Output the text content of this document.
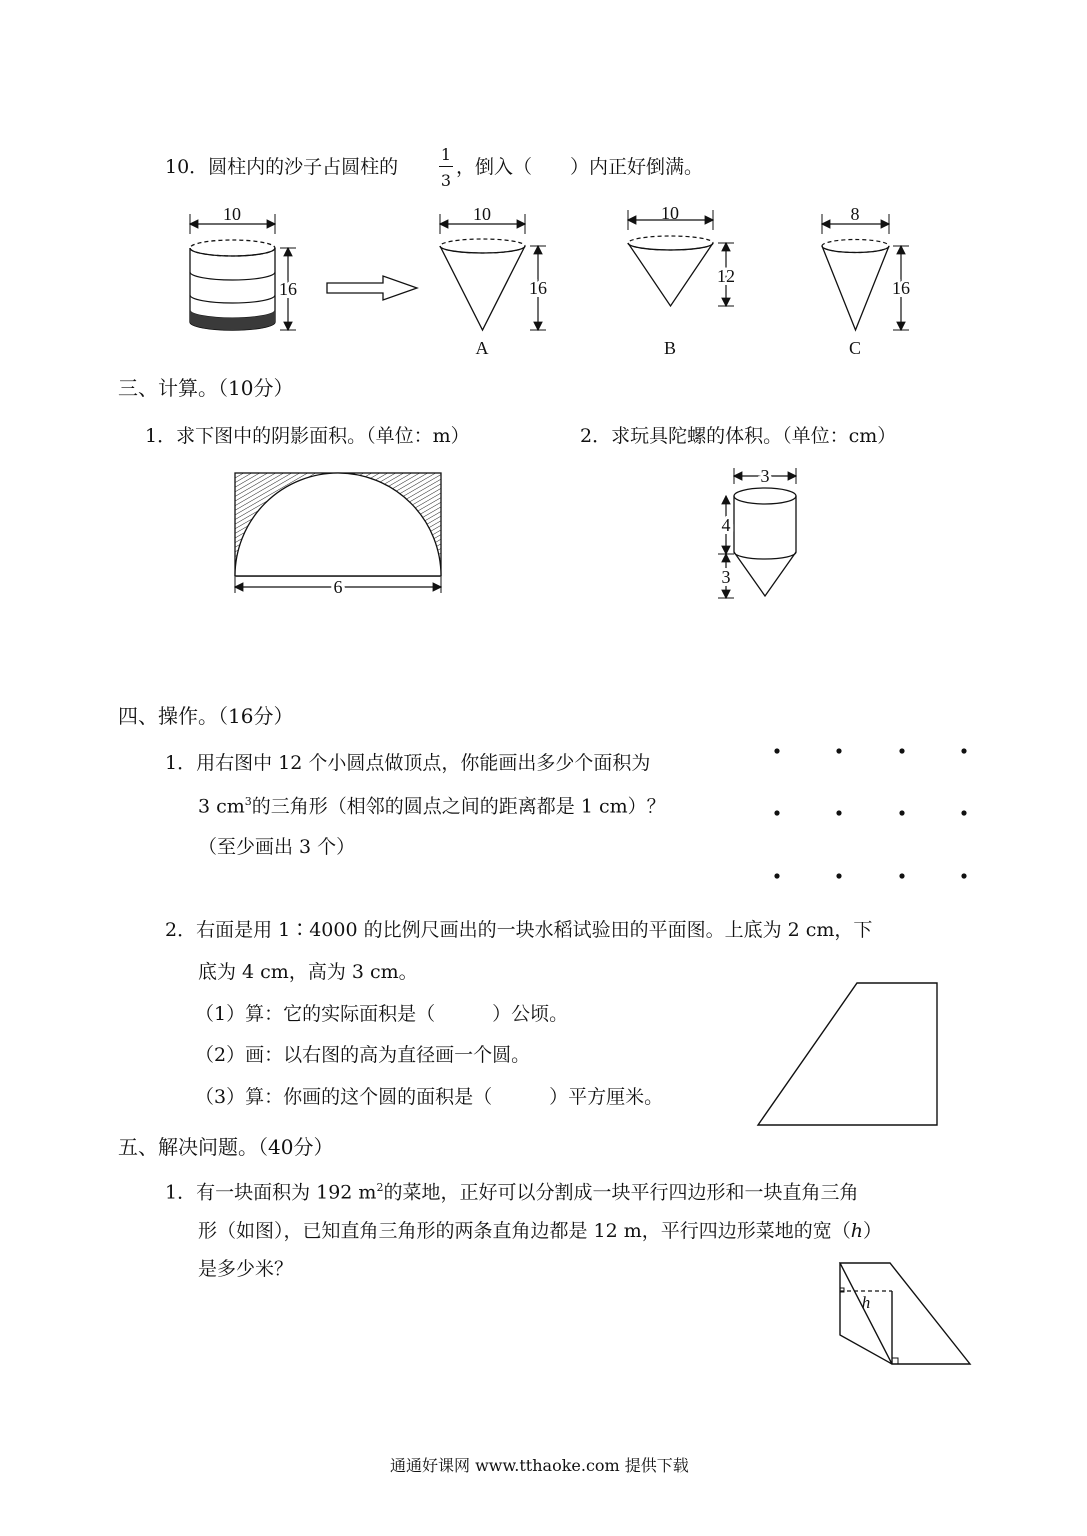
10．圆柱内的沙子占圆柱的
1
3
，倒入（　　）内正好倒满。
10
16
10
16
A
10
12
B
8
16
C
三、计算。（10分）
1．求下图中的阴影面积。（单位：m）	2．求玩具陀螺的体积。（单位：cm）
6
3
4
3
四、操作。（16分）
1．用右图中 12 个小圆点做顶点，你能画出多少个面积为
3 $cm^3$的三角形（相邻的圆点之间的距离都是 1 cm）？
（至少画出 3 个）
2．右面是用 1∶4000 的比例尺画出的一块水稻试验田的平面图。上底为 2 cm，下
底为 4 cm，高为 3 cm。
（1）算：它的实际面积是（　　　）公顷。
（2）画：以右图的高为直径画一个圆。
（3）算：你画的这个圆的面积是（　　　）平方厘米。
五、解决问题。（40分）
1．有一块面积为 192 $m^2$的菜地，正好可以分割成一块平行四边形和一块直角三角
形（如图），已知直角三角形的两条直角边都是 12 m，平行四边形菜地的宽（h）
是多少米？
h
通通好课网 www.tthaoke.com 提供下载
